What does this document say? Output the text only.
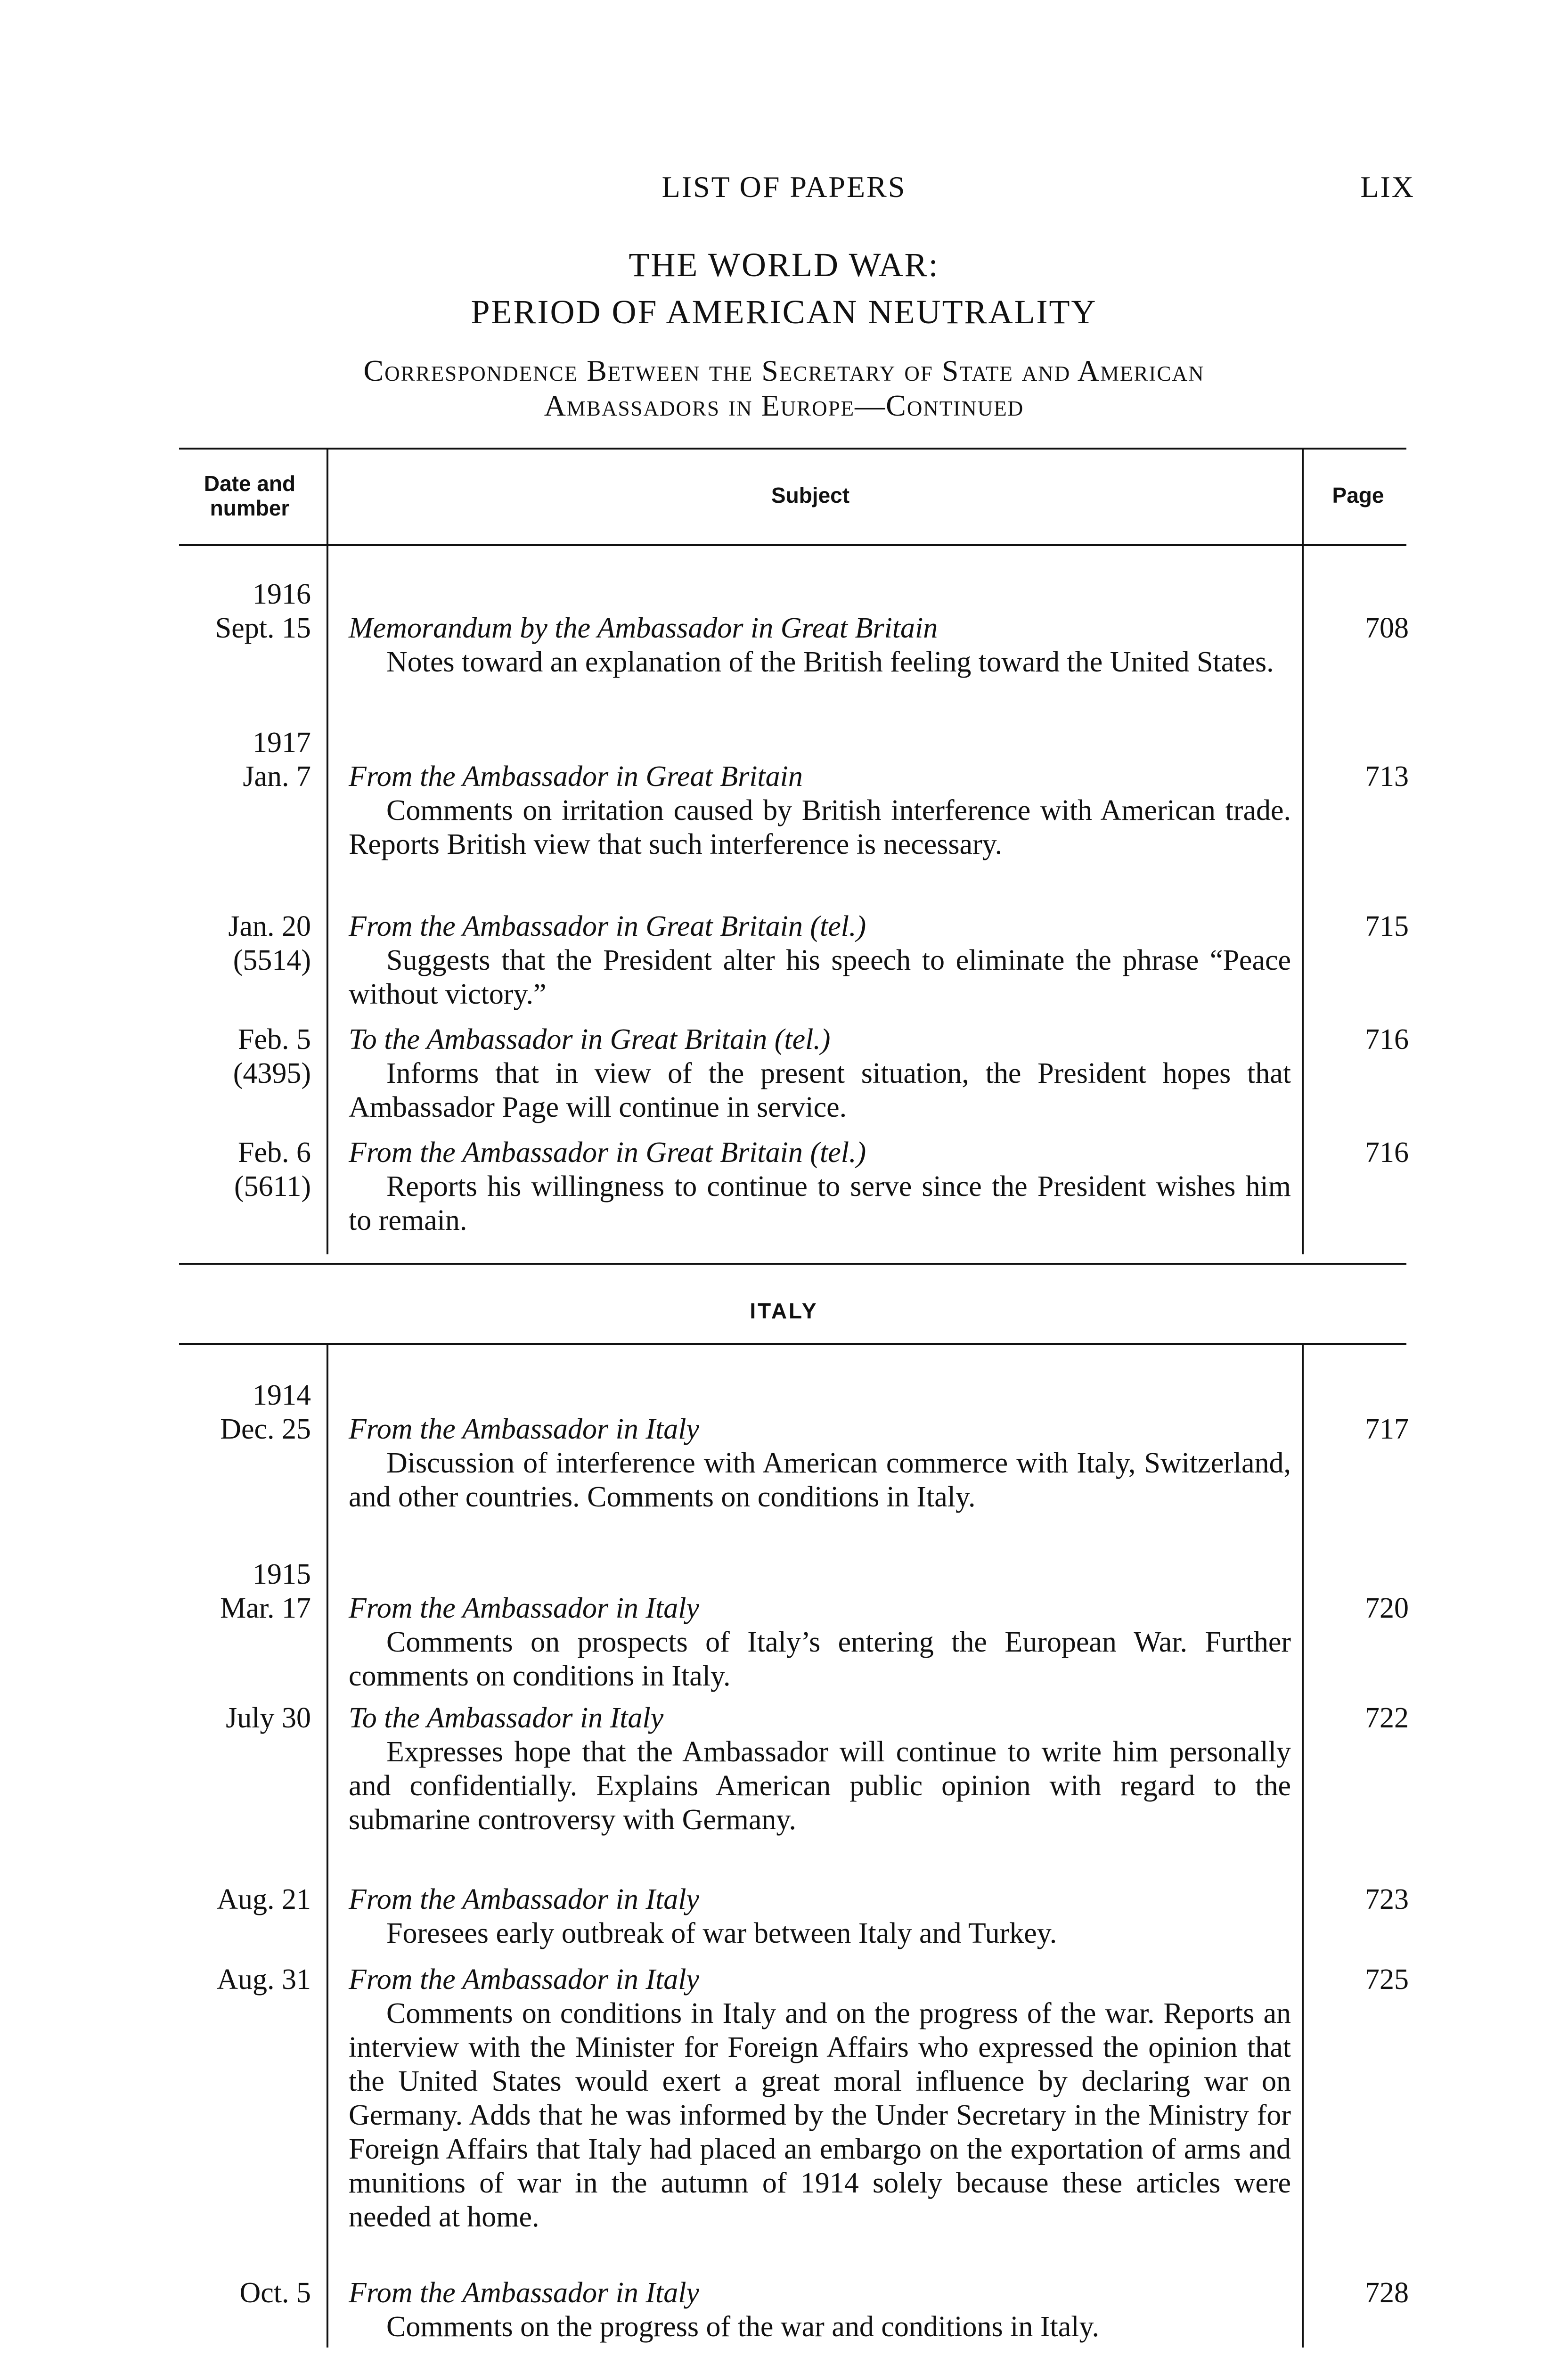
LIST OF PAPERS	LIX
THE WORLD WAR:
PERIOD OF AMERICAN NEUTRALITY
Correspondence Between the Secretary of State and American
Ambassadors in Europe—Continued
Date and number
Subject	Page
1916
Sept. 15 Memorandum by the Ambassador in Great Britain
Notes toward an explanation of the British feeling toward the United States.
708
1917
Jan. 7 From the Ambassador in Great Britain
Comments on irritation caused by British interference with American trade. Reports British view that such interference is necessary.
713
Jan. 20
(5514)
From the Ambassador in Great Britain (tel.)
Suggests that the President alter his speech to eliminate the phrase “Peace without victory.”
715
Feb. 5
(4395)
To the Ambassador in Great Britain (tel.)
Informs that in view of the present situation, the President hopes that Ambassador Page will continue in service.
716
Feb. 6
(5611)
From the Ambassador in Great Britain (tel.)
Reports his willingness to continue to serve since the President wishes him to remain.
716
ITALY
1914
Dec. 25 From the Ambassador in Italy
Discussion of interference with American commerce with Italy, Switzerland, and other countries. Comments on conditions in Italy.
717
1915
Mar. 17 From the Ambassador in Italy
Comments on prospects of Italy’s entering the European War. Further comments on conditions in Italy.
720
July 30 To the Ambassador in Italy
Expresses hope that the Ambassador will continue to write him personally and confidentially. Explains American public opinion with regard to the submarine controversy with Germany.
722
Aug. 21 From the Ambassador in Italy
Foresees early outbreak of war between Italy and Turkey.
723
Aug. 31 From the Ambassador in Italy
Comments on conditions in Italy and on the progress of the war. Reports an interview with the Minister for Foreign Affairs who expressed the opinion that the United States would exert a great moral influence by declaring war on Germany. Adds that he was informed by the Under Secretary in the Ministry for Foreign Affairs that Italy had placed an embargo on the exportation of arms and munitions of war in the autumn of 1914 solely because these articles were needed at home.
725
Oct. 5 From the Ambassador in Italy
Comments on the progress of the war and conditions in Italy.
728
